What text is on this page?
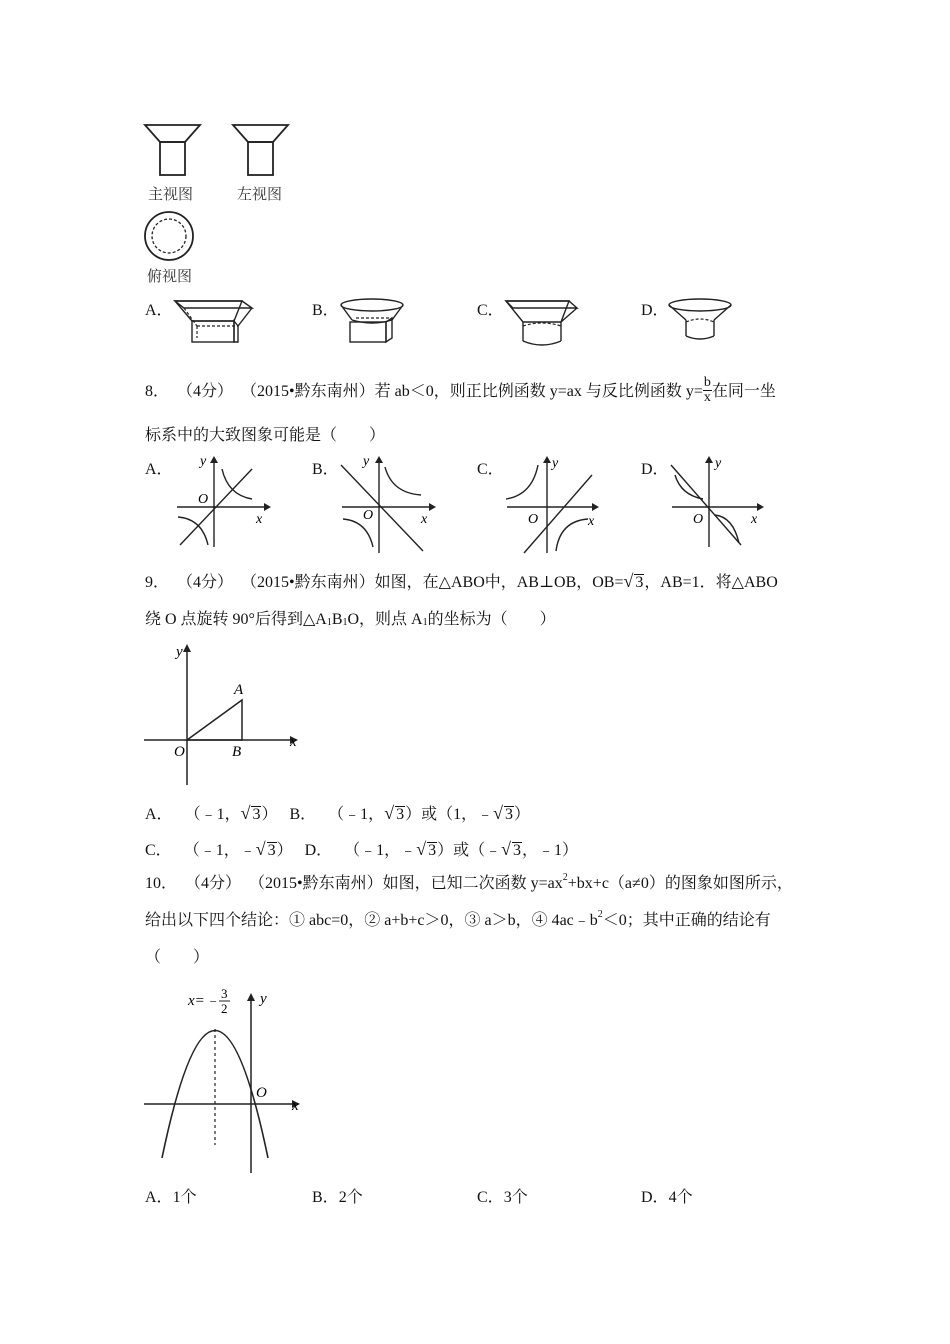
主视图	左视图
俯视图
A．	B．	C．	D．
8． （4分） （2015•黔东南州）若 ab＜0，则正比例函数 y=ax 与反比例函数 $y= \frac{b}{x}$ 在同一坐
标系中的大致图象可能是（　　）
A． y
x
O
B． y
x
O
C．	y
x
O
D．	y
x
O
9． （4分） （2015•黔东南州）如图，在△ABO中，AB⊥OB，OB=√ 3，AB=1．将△ABO
绕 O 点旋转 90°后得到△A1B1O，则点 A1的坐标为（　　）
y
x
O
A
B
A． （﹣1，√ 3） B． （﹣1，√ 3）或（1，﹣√ 3）
C． （﹣1，﹣√ 3） D． （﹣1，﹣√ 3）或（﹣√ 3，﹣1）
10． （4分） （2015•黔东南州）如图，已知二次函数 $y=ax^2+bx+c(a\ne 0)$的图象如图所示，
给出以下四个结论：① abc=0，② a+b+c＞0，③ a＞b，④ $4ac﹣b^2<0$；其中正确的结论有
（　　）
x=﹣ 3
2
y
x
O
A．1个	B．2个	C．3个	D．4个
